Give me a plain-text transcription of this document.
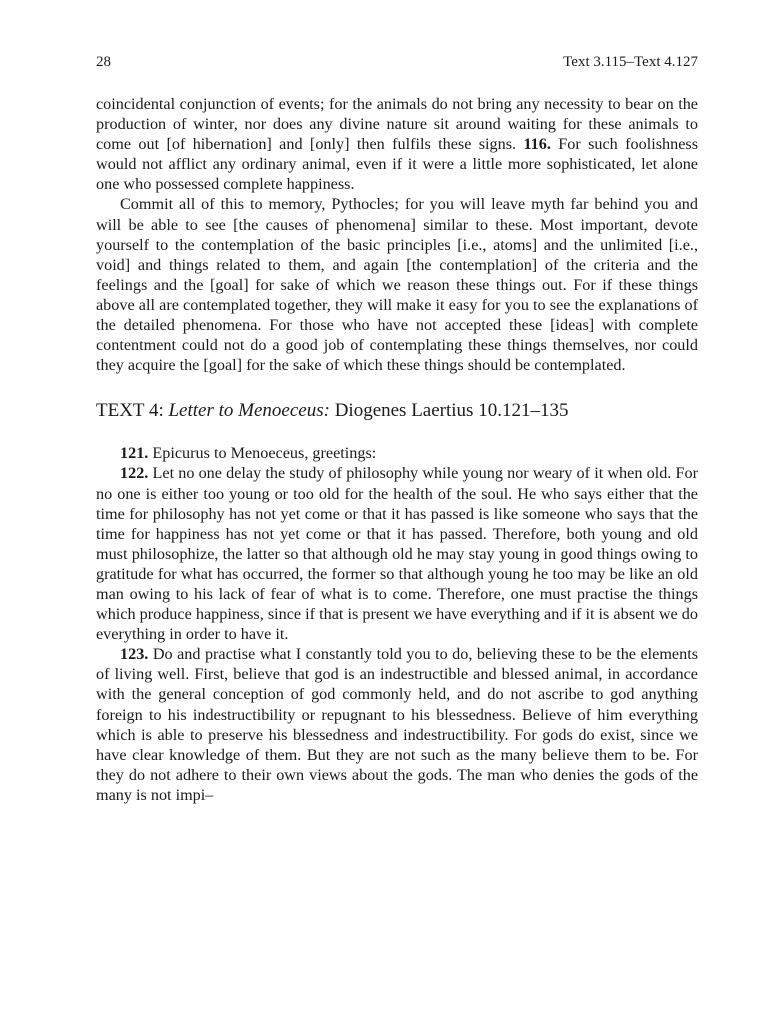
28	Text 3.115–Text 4.127

coincidental conjunction of events; for the animals do not bring any necessity to bear on the production of winter, nor does any divine nature sit around waiting for these animals to come out [of hibernation] and [only] then fulfils these signs. 116. For such foolishness would not afflict any ordinary animal, even if it were a little more sophisticated, let alone one who possessed complete happiness.

Commit all of this to memory, Pythocles; for you will leave myth far behind you and will be able to see [the causes of phenomena] similar to these. Most important, devote yourself to the contemplation of the basic principles [i.e., atoms] and the unlimited [i.e., void] and things related to them, and again [the contemplation] of the criteria and the feelings and the [goal] for sake of which we reason these things out. For if these things above all are contemplated together, they will make it easy for you to see the explanations of the detailed phenomena. For those who have not accepted these [ideas] with complete contentment could not do a good job of contemplating these things themselves, nor could they acquire the [goal] for the sake of which these things should be contemplated.

TEXT 4: Letter to Menoeceus: Diogenes Laertius 10.121–135

121. Epicurus to Menoeceus, greetings:

122. Let no one delay the study of philosophy while young nor weary of it when old. For no one is either too young or too old for the health of the soul. He who says either that the time for philosophy has not yet come or that it has passed is like someone who says that the time for happiness has not yet come or that it has passed. Therefore, both young and old must philosophize, the latter so that although old he may stay young in good things owing to gratitude for what has occurred, the former so that although young he too may be like an old man owing to his lack of fear of what is to come. Therefore, one must practise the things which produce happiness, since if that is present we have everything and if it is absent we do everything in order to have it.

123. Do and practise what I constantly told you to do, believing these to be the elements of living well. First, believe that god is an indestructible and blessed animal, in accordance with the general conception of god commonly held, and do not ascribe to god anything foreign to his indestructibility or repugnant to his blessedness. Believe of him everything which is able to preserve his blessedness and indestructibility. For gods do exist, since we have clear knowledge of them. But they are not such as the many believe them to be. For they do not adhere to their own views about the gods. The man who denies the gods of the many is not impi–
